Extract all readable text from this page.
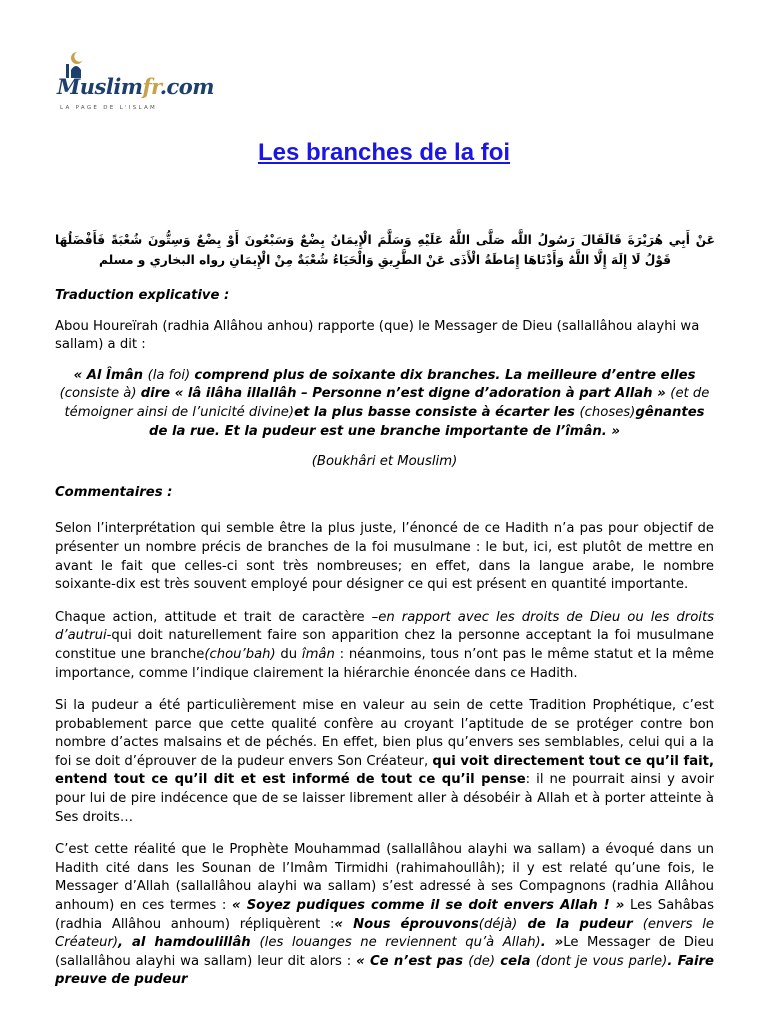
Muslimfr.com
LA PAGE DE L'ISLAM
Les branches de la foi

عَنْ أَبِي هُرَيْرَةَ قَالَقَالَ رَسُولُ اللَّه صَلَّى اللَّهُ عَلَيْهِ وَسَلَّمَ الْإِيمَانُ بِضْعٌ وَسَبْعُونَ أَوْ بِضْعٌ وَسِتُّونَ شُعْبَةً فَأَفْضَلُهَا قَوْلُ لَا إِلَهَ إِلَّا اللَّهُ وَأَدْنَاهَا إِمَاطَةُ الْأَذَى عَنْ الطَّرِيقِ وَالْحَيَاءُ شُعْبَةٌ مِنْ الْإِيمَانِ رواه البخاري و مسلم

Traduction explicative :

Abou Houreïrah (radhia Allâhou anhou) rapporte (que) le Messager de Dieu (sallallâhou alayhi wa sallam) a dit :

« Al Îmân (la foi) comprend plus de soixante dix branches. La meilleure d’entre elles (consiste à) dire « lâ ilâha illallâh – Personne n’est digne d’adoration à part Allah » (et de témoigner ainsi de l’unicité divine)et la plus basse consiste à écarter les (choses)gênantes de la rue. Et la pudeur est une branche importante de l’îmân. »

(Boukhâri et Mouslim)

Commentaires :

Selon l’interprétation qui semble être la plus juste, l’énoncé de ce Hadith n’a pas pour objectif de présenter un nombre précis de branches de la foi musulmane : le but, ici, est plutôt de mettre en avant le fait que celles-ci sont très nombreuses; en effet, dans la langue arabe, le nombre soixante-dix est très souvent employé pour désigner ce qui est présent en quantité importante.

Chaque action, attitude et trait de caractère –en rapport avec les droits de Dieu ou les droits d’autrui-qui doit naturellement faire son apparition chez la personne acceptant la foi musulmane constitue une branche(chou’bah) du îmân : néanmoins, tous n’ont pas le même statut et la même importance, comme l’indique clairement la hiérarchie énoncée dans ce Hadith.

Si la pudeur a été particulièrement mise en valeur au sein de cette Tradition Prophétique, c’est probablement parce que cette qualité confère au croyant l’aptitude de se protéger contre bon nombre d’actes malsains et de péchés. En effet, bien plus qu’envers ses semblables, celui qui a la foi se doit d’éprouver de la pudeur envers Son Créateur, qui voit directement tout ce qu’il fait, entend tout ce qu’il dit et est informé de tout ce qu’il pense: il ne pourrait ainsi y avoir pour lui de pire indécence que de se laisser librement aller à désobéir à Allah et à porter atteinte à Ses droits…

C’est cette réalité que le Prophète Mouhammad (sallallâhou alayhi wa sallam) a évoqué dans un Hadith cité dans les Sounan de l’Imâm Tirmidhi (rahimahoullâh); il y est relaté qu’une fois, le Messager d’Allah (sallallâhou alayhi wa sallam) s’est adressé à ses Compagnons (radhia Allâhou anhoum) en ces termes : « Soyez pudiques comme il se doit envers Allah ! » Les Sahâbas (radhia Allâhou anhoum) répliquèrent :« Nous éprouvons(déjà) de la pudeur (envers le Créateur), al hamdoulillâh (les louanges ne reviennent qu’à Allah). »Le Messager de Dieu (sallallâhou alayhi wa sallam) leur dit alors : « Ce n’est pas (de) cela (dont je vous parle). Faire preuve de pudeur
